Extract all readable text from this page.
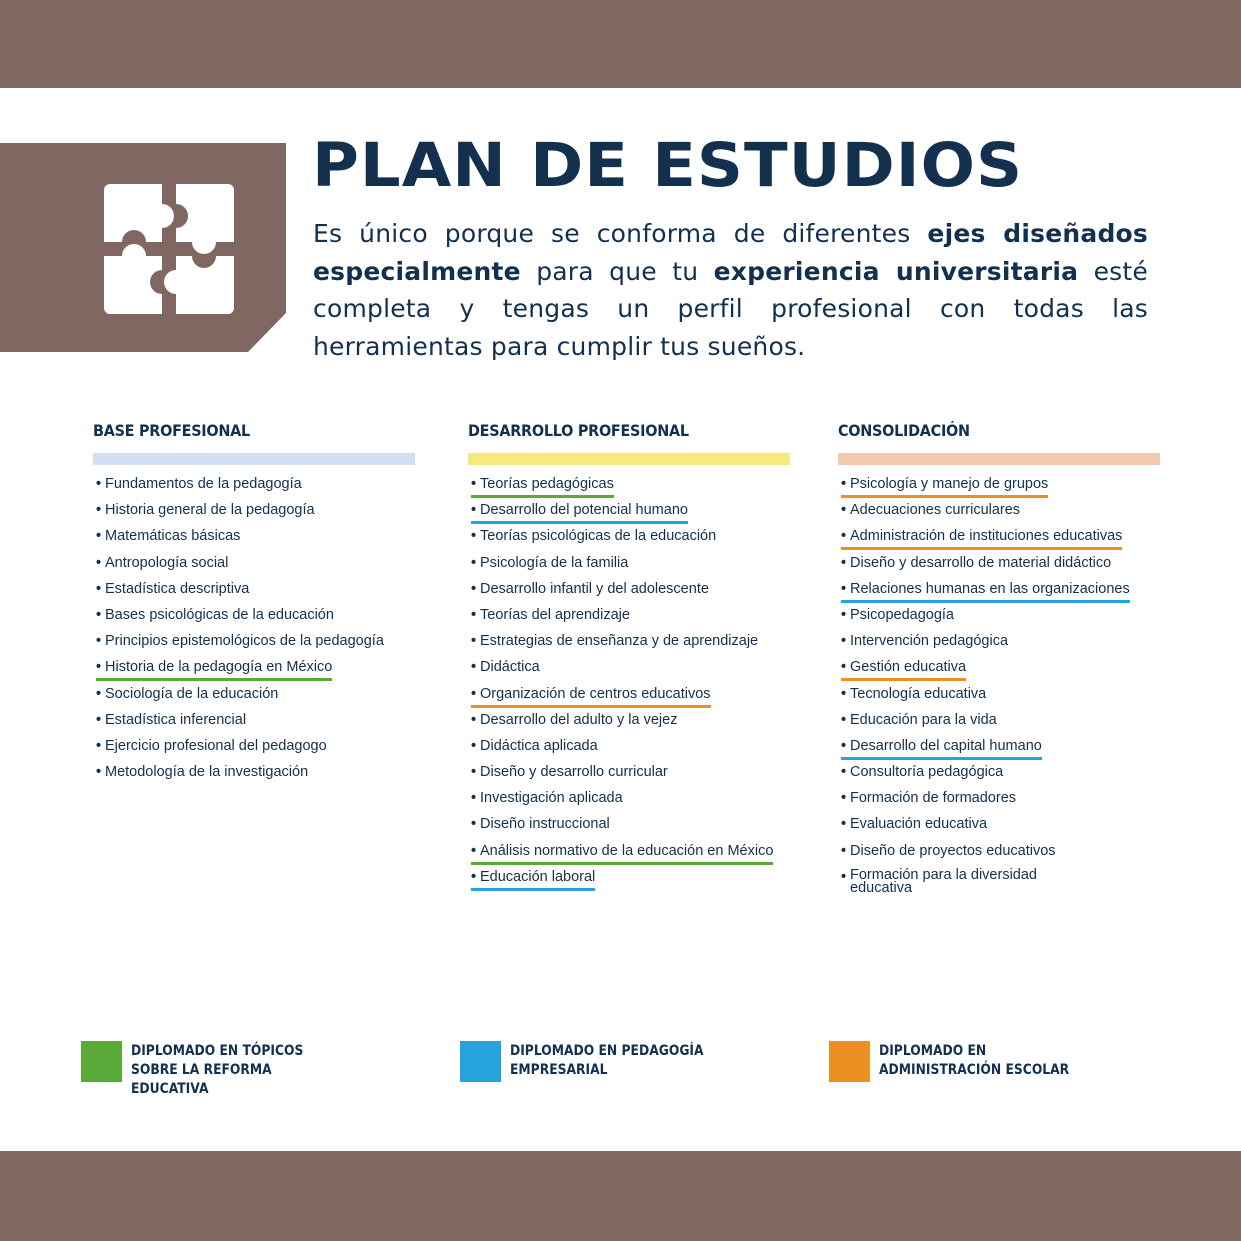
PLAN DE ESTUDIOS

Es único porque se conforma de diferentes ejes diseñados especialmente para que tu experiencia universitaria esté completa y tengas un perfil profesional con todas las herramientas para cumplir tus sueños.

BASE PROFESIONAL
• Fundamentos de la pedagogía
• Historia general de la pedagogía
• Matemáticas básicas
• Antropología social
• Estadística descriptiva
• Bases psicológicas de la educación
• Principios epistemológicos de la pedagogía
• Historia de la pedagogía en México
• Sociología de la educación
• Estadística inferencial
• Ejercicio profesional del pedagogo
• Metodología de la investigación
DESARROLLO PROFESIONAL
• Teorías pedagógicas
• Desarrollo del potencial humano
• Teorías psicológicas de la educación
• Psicología de la familia
• Desarrollo infantil y del adolescente
• Teorías del aprendizaje
• Estrategias de enseñanza y de aprendizaje
• Didáctica
• Organización de centros educativos
• Desarrollo del adulto y la vejez
• Didáctica aplicada
• Diseño y desarrollo curricular
• Investigación aplicada
• Diseño instruccional
• Análisis normativo de la educación en México
• Educación laboral
CONSOLIDACIÓN
• Psicología y manejo de grupos
• Adecuaciones curriculares
• Administración de instituciones educativas
• Diseño y desarrollo de material didáctico
• Relaciones humanas en las organizaciones
• Psicopedagogía
• Intervención pedagógica
• Gestión educativa
• Tecnología educativa
• Educación para la vida
• Desarrollo del capital humano
• Consultoría pedagógica
• Formación de formadores
• Evaluación educativa
• Diseño de proyectos educativos
• Formación para la diversidad educativa

DIPLOMADO EN TÓPICOS SOBRE LA REFORMA EDUCATIVA

DIPLOMADO EN PEDAGOGÍA EMPRESARIAL

DIPLOMADO EN ADMINISTRACIÓN ESCOLAR
